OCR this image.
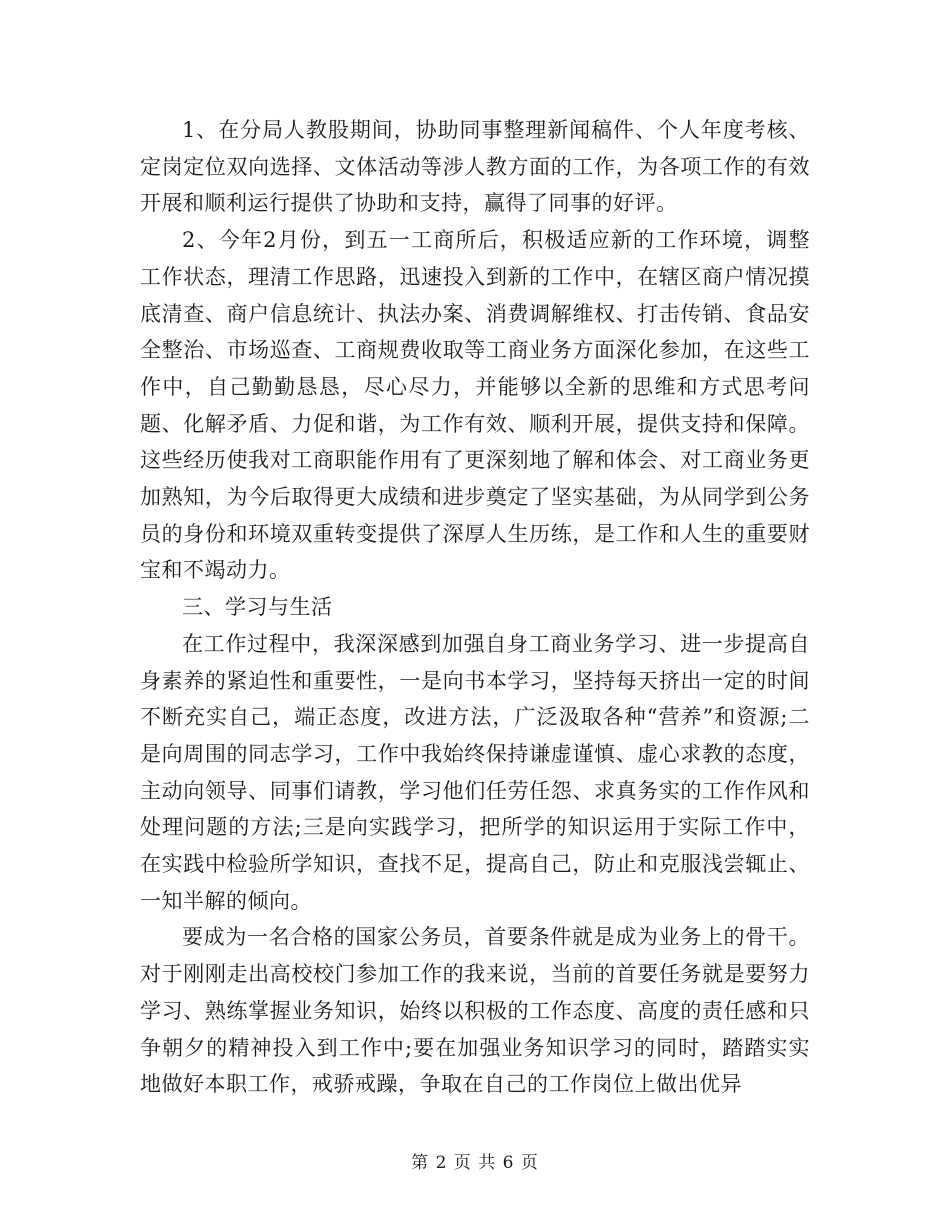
1、在分局人教股期间，协助同事整理新闻稿件、个人年度考核、定岗定位双向选择、文体活动等涉人教方面的工作，为各项工作的有效开展和顺利运行提供了协助和支持，赢得了同事的好评。

2、今年2月份，到五一工商所后，积极适应新的工作环境，调整工作状态，理清工作思路，迅速投入到新的工作中，在辖区商户情况摸底清查、商户信息统计、执法办案、消费调解维权、打击传销、食品安全整治、市场巡查、工商规费收取等工商业务方面深化参加，在这些工作中，自己勤勤恳恳，尽心尽力，并能够以全新的思维和方式思考问题、化解矛盾、力促和谐，为工作有效、顺利开展，提供支持和保障。这些经历使我对工商职能作用有了更深刻地了解和体会、对工商业务更加熟知，为今后取得更大成绩和进步奠定了坚实基础，为从同学到公务员的身份和环境双重转变提供了深厚人生历练，是工作和人生的重要财宝和不竭动力。

三、学习与生活

在工作过程中，我深深感到加强自身工商业务学习、进一步提高自身素养的紧迫性和重要性，一是向书本学习，坚持每天挤出一定的时间不断充实自己，端正态度，改进方法，广泛汲取各种“营养”和资源;二是向周围的同志学习，工作中我始终保持谦虚谨慎、虚心求教的态度，主动向领导、同事们请教，学习他们任劳任怨、求真务实的工作作风和处理问题的方法;三是向实践学习，把所学的知识运用于实际工作中，在实践中检验所学知识，查找不足，提高自己，防止和克服浅尝辄止、一知半解的倾向。

要成为一名合格的国家公务员，首要条件就是成为业务上的骨干。对于刚刚走出高校校门参加工作的我来说，当前的首要任务就是要努力学习、熟练掌握业务知识，始终以积极的工作态度、高度的责任感和只争朝夕的精神投入到工作中;要在加强业务知识学习的同时，踏踏实实地做好本职工作，戒骄戒躁，争取在自己的工作岗位上做出优异

第 2 页 共 6 页
